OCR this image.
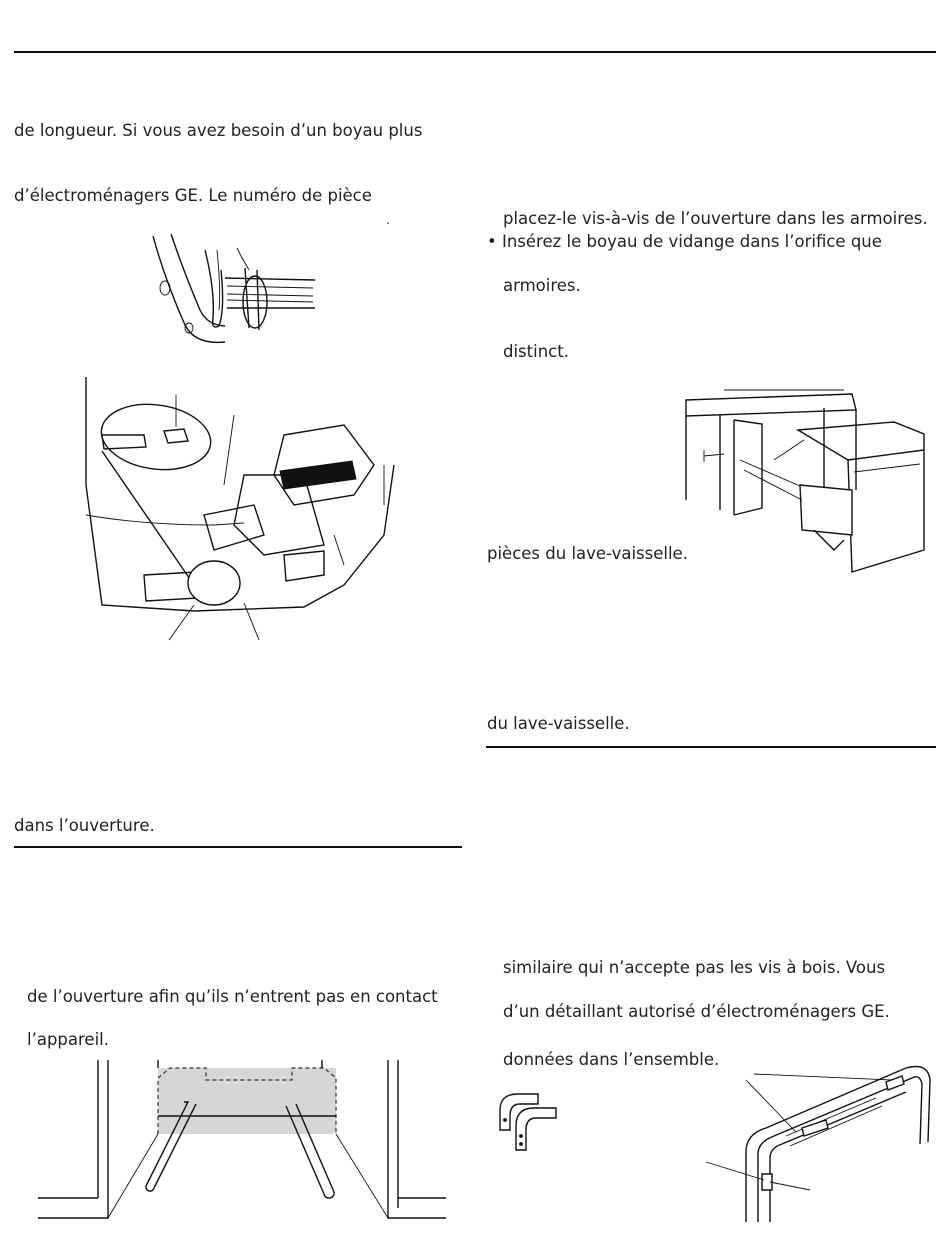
de longueur. Si vous avez besoin d’un boyau plus
d’électroménagers GE. Le numéro de pièce
.
dans l’ouverture.
de l’ouverture afin qu’ils n’entrent pas en contact
l’appareil.
placez-le vis-à-vis de l’ouverture dans les armoires.
• Insérez le boyau de vidange dans l’orifice que
armoires.
distinct.
pièces du lave-vaisselle.
du lave-vaisselle.
similaire qui n’accepte pas les vis à bois. Vous
d’un détaillant autorisé d’électroménagers GE.
données dans l’ensemble.
